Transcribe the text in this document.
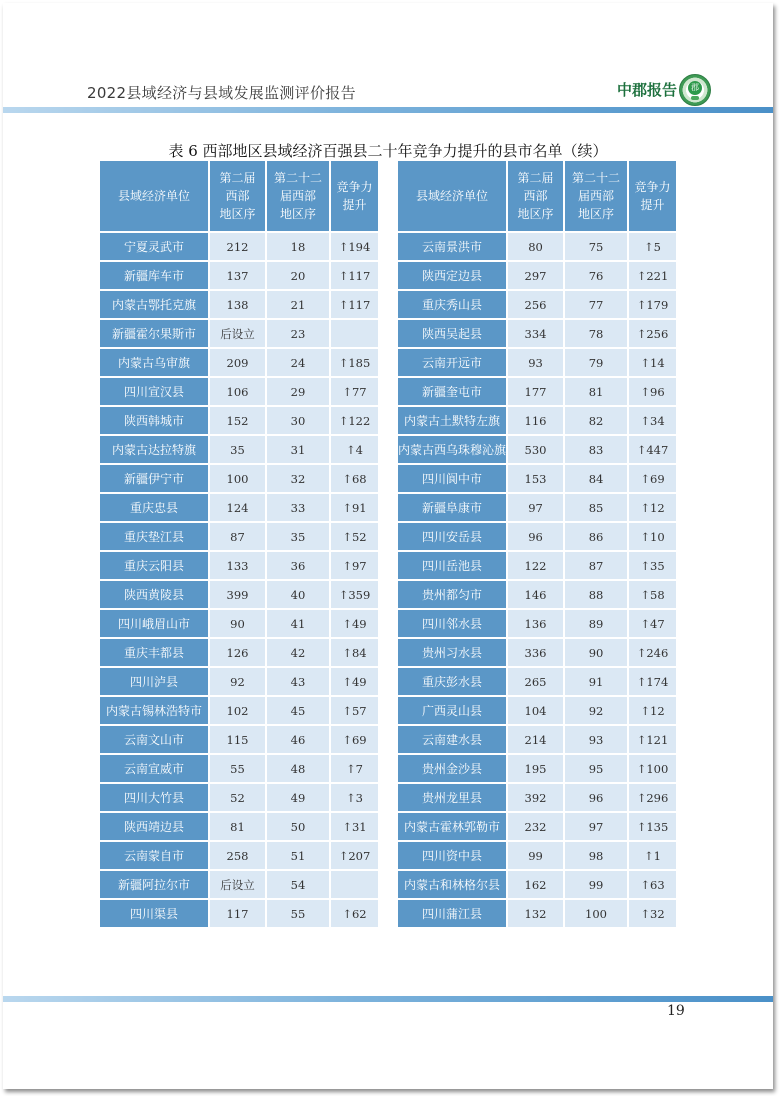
2022县域经济与县域发展监测评价报告	中郡报告	郡
表 6 西部地区县域经济百强县二十年竞争力提升的县市名单（续）
县域经济单位	第二届
西部
地区序	第二十二
届西部
地区序	竞争力
提升
宁夏灵武市	212	18	↑194
新疆库车市	137	20	↑117
内蒙古鄂托克旗	138	21	↑117
新疆霍尔果斯市	后设立	23	
内蒙古乌审旗	209	24	↑185
四川宣汉县	106	29	↑77
陕西韩城市	152	30	↑122
内蒙古达拉特旗	35	31	↑4
新疆伊宁市	100	32	↑68
重庆忠县	124	33	↑91
重庆垫江县	87	35	↑52
重庆云阳县	133	36	↑97
陕西黄陵县	399	40	↑359
四川峨眉山市	90	41	↑49
重庆丰都县	126	42	↑84
四川泸县	92	43	↑49
内蒙古锡林浩特市	102	45	↑57
云南文山市	115	46	↑69
云南宣威市	55	48	↑7
四川大竹县	52	49	↑3
陕西靖边县	81	50	↑31
云南蒙自市	258	51	↑207
新疆阿拉尔市	后设立	54	
四川渠县	117	55	↑62
县域经济单位	第二届
西部
地区序	第二十二
届西部
地区序	竞争力
提升
云南景洪市	80	75	↑5
陕西定边县	297	76	↑221
重庆秀山县	256	77	↑179
陕西吴起县	334	78	↑256
云南开远市	93	79	↑14
新疆奎屯市	177	81	↑96
内蒙古土默特左旗	116	82	↑34
内蒙古西乌珠穆沁旗	530	83	↑447
四川阆中市	153	84	↑69
新疆阜康市	97	85	↑12
四川安岳县	96	86	↑10
四川岳池县	122	87	↑35
贵州都匀市	146	88	↑58
四川邻水县	136	89	↑47
贵州习水县	336	90	↑246
重庆彭水县	265	91	↑174
广西灵山县	104	92	↑12
云南建水县	214	93	↑121
贵州金沙县	195	95	↑100
贵州龙里县	392	96	↑296
内蒙古霍林郭勒市	232	97	↑135
四川资中县	99	98	↑1
内蒙古和林格尔县	162	99	↑63
四川蒲江县	132	100	↑32
19
